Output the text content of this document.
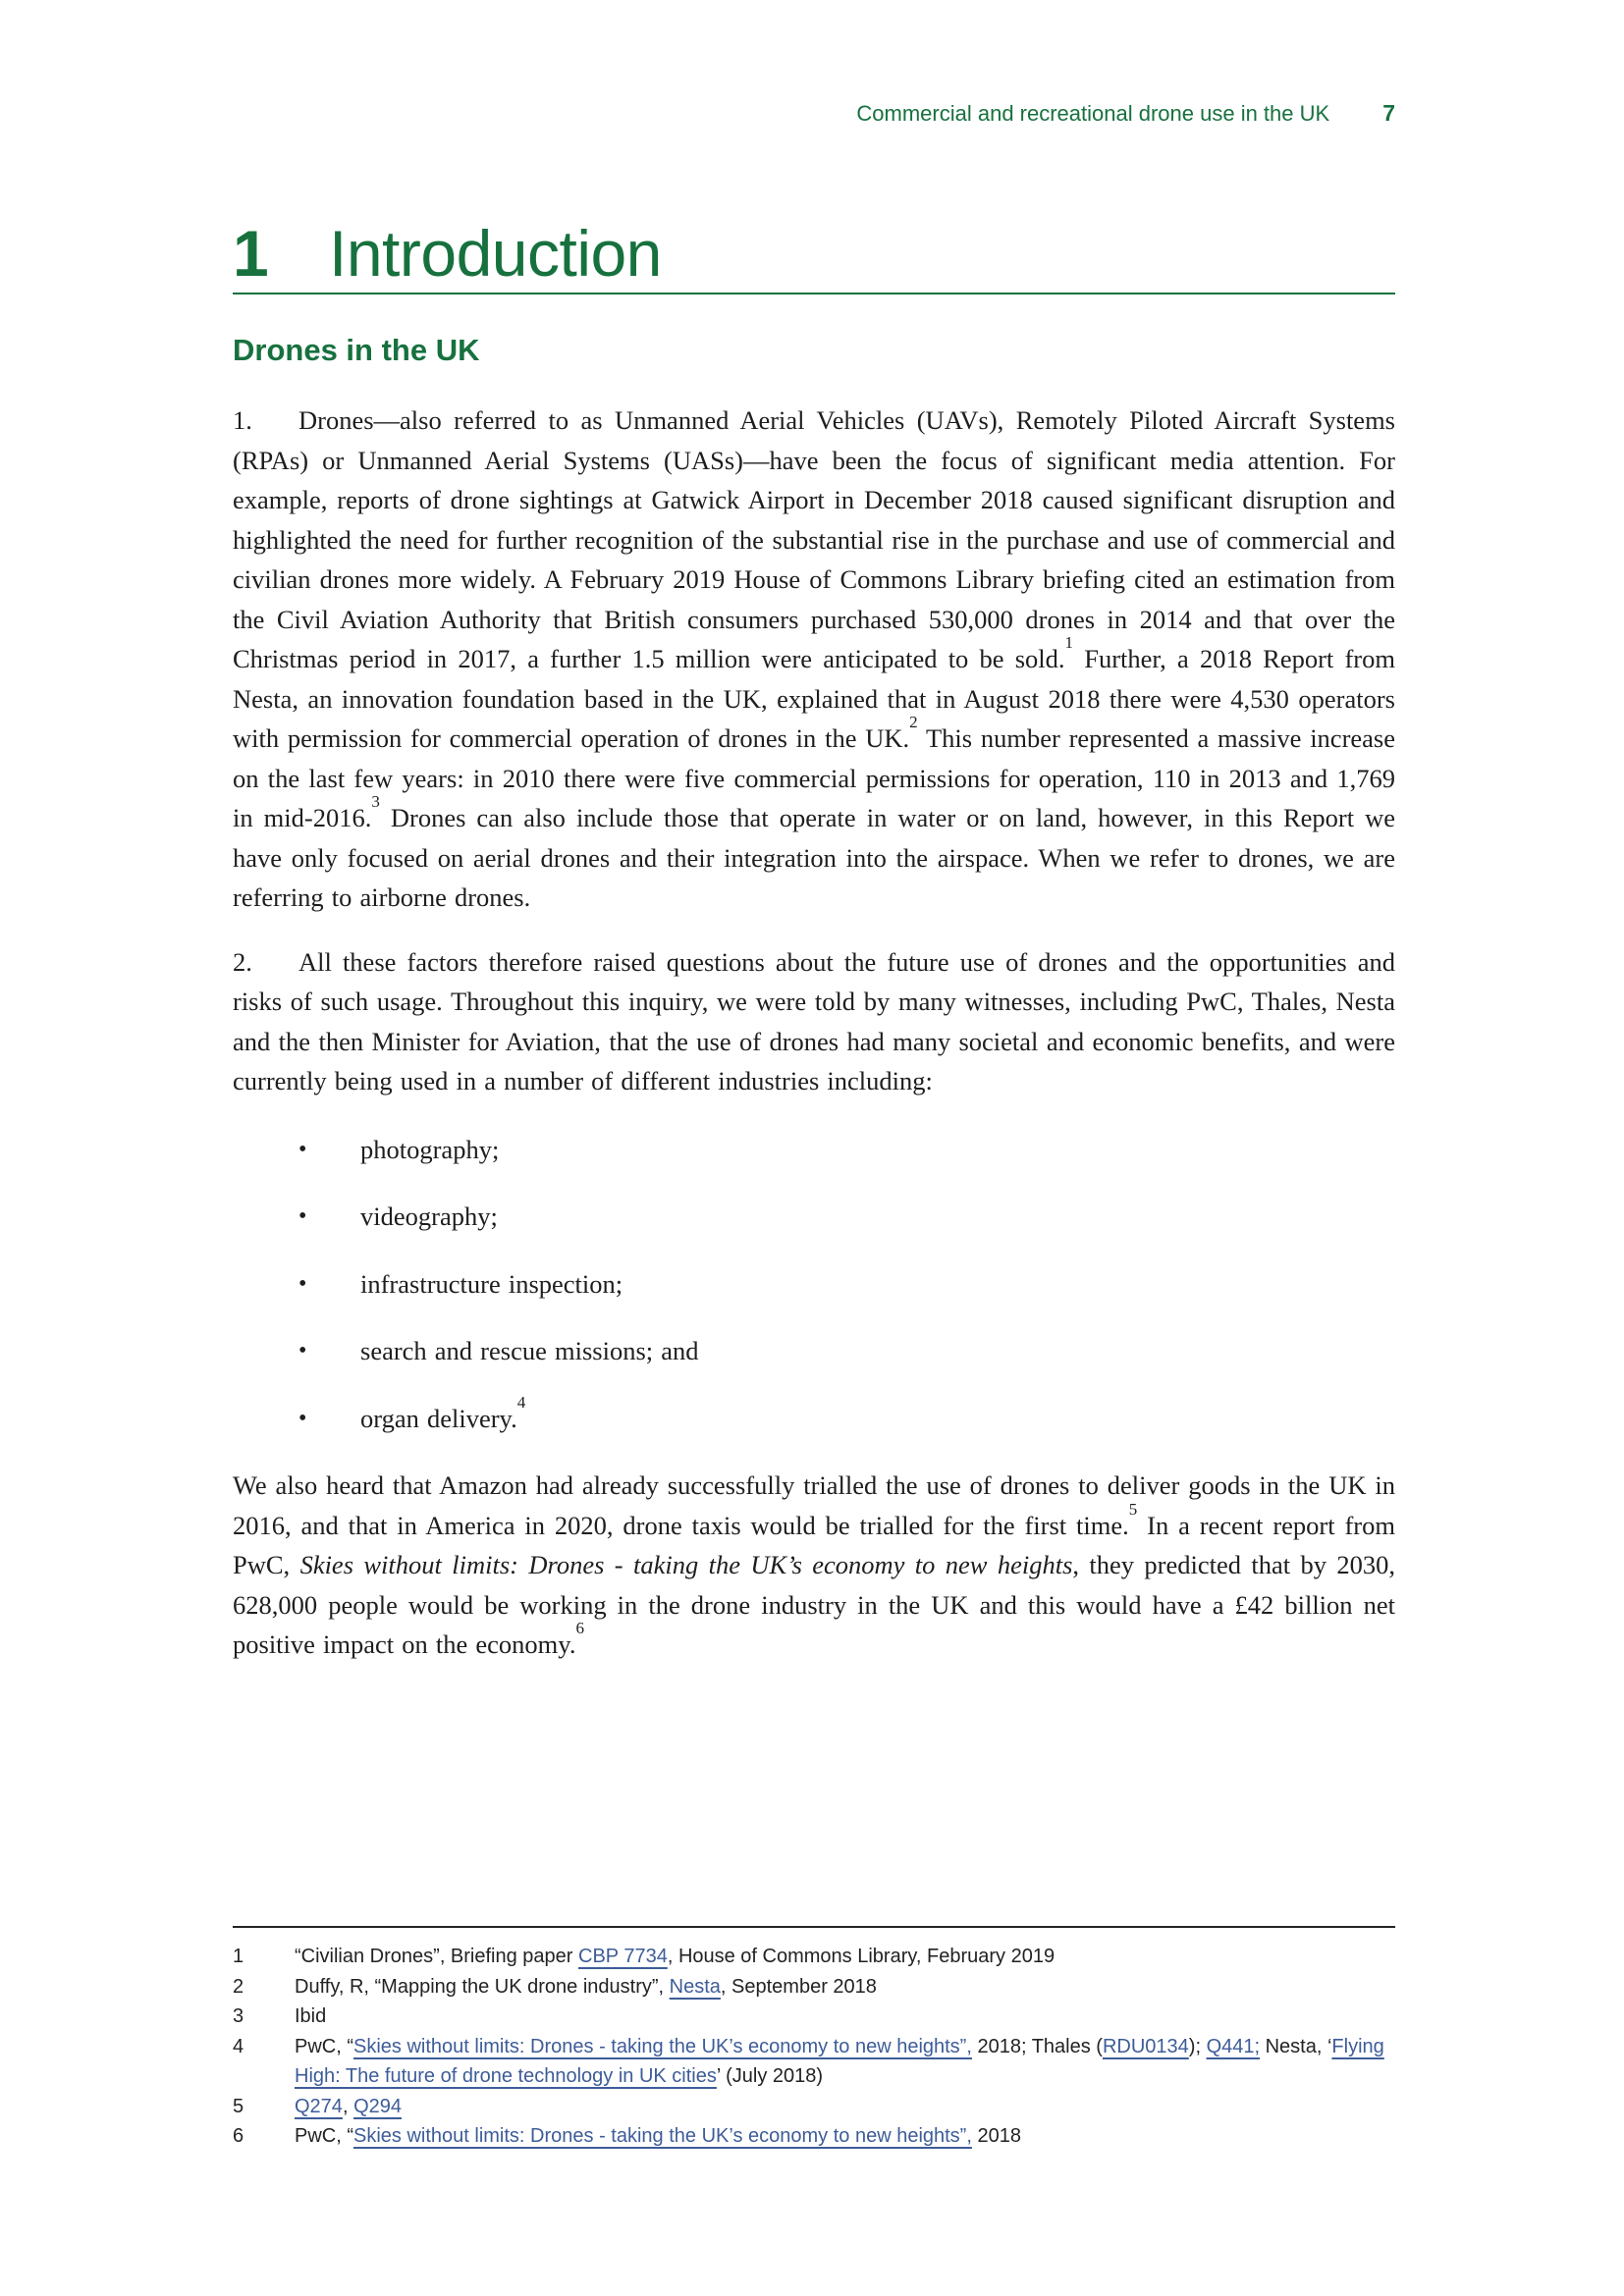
Commercial and recreational drone use in the UK 7
1 Introduction
Drones in the UK

1. Drones—also referred to as Unmanned Aerial Vehicles (UAVs), Remotely Piloted Aircraft Systems (RPAs) or Unmanned Aerial Systems (UASs)—have been the focus of significant media attention. For example, reports of drone sightings at Gatwick Airport in December 2018 caused significant disruption and highlighted the need for further recognition of the substantial rise in the purchase and use of commercial and civilian drones more widely. A February 2019 House of Commons Library briefing cited an estimation from the Civil Aviation Authority that British consumers purchased 530,000 drones in 2014 and that over the Christmas period in 2017, a further 1.5 million were anticipated to be sold.$^1$ Further, a 2018 Report from Nesta, an innovation foundation based in the UK, explained that in August 2018 there were 4,530 operators with permission for commercial operation of drones in the UK.$^2$ This number represented a massive increase on the last few years: in 2010 there were five commercial permissions for operation, 110 in 2013 and 1,769 in mid-2016.$^3$ Drones can also include those that operate in water or on land, however, in this Report we have only focused on aerial drones and their integration into the airspace. When we refer to drones, we are referring to airborne drones.

2. All these factors therefore raised questions about the future use of drones and the opportunities and risks of such usage. Throughout this inquiry, we were told by many witnesses, including PwC, Thales, Nesta and the then Minister for Aviation, that the use of drones had many societal and economic benefits, and were currently being used in a number of different industries including:

•	photography;
•	videography;
•	infrastructure inspection;
•	search and rescue missions; and
•	organ delivery.$^4$

We also heard that Amazon had already successfully trialled the use of drones to deliver goods in the UK in 2016, and that in America in 2020, drone taxis would be trialled for the first time.$^5$ In a recent report from PwC, Skies without limits: Drones - taking the UK’s economy to new heights, they predicted that by 2030, 628,000 people would be working in the drone industry in the UK and this would have a £42 billion net positive impact on the economy.$^6$

1	“Civilian Drones”, Briefing paper CBP 7734, House of Commons Library, February 2019
2	Duffy, R, “Mapping the UK drone industry”, Nesta, September 2018
3	Ibid
4	PwC, “Skies without limits: Drones - taking the UK’s economy to new heights”, 2018; Thales (RDU0134); Q441; Nesta, ‘Flying High: The future of drone technology in UK cities’ (July 2018)
5	Q274, Q294
6	PwC, “Skies without limits: Drones - taking the UK’s economy to new heights”, 2018
